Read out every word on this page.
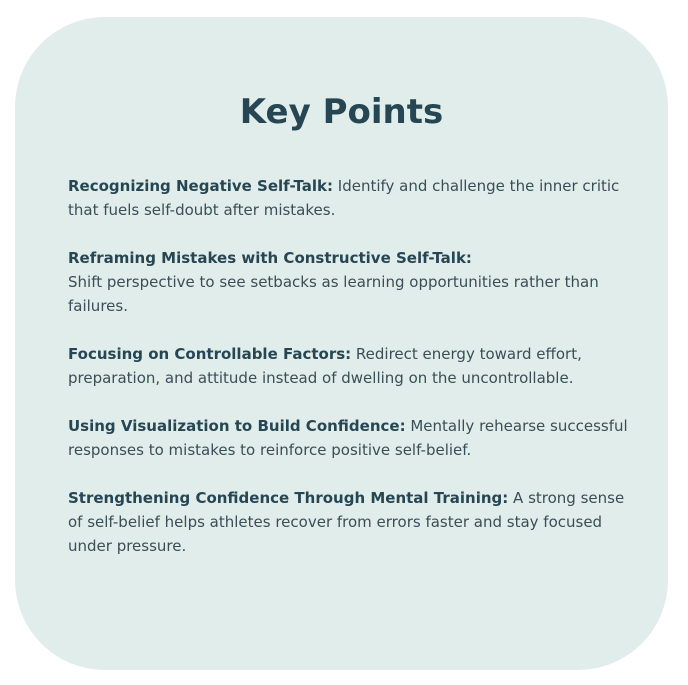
Key Points
Recognizing Negative Self-Talk: Identify and challenge the inner critic that fuels self-doubt after mistakes.
Reframing Mistakes with Constructive Self-Talk:
Shift perspective to see setbacks as learning opportunities rather than failures.
Focusing on Controllable Factors: Redirect energy toward effort, preparation, and attitude instead of dwelling on the uncontrollable.
Using Visualization to Build Confidence: Mentally rehearse successful responses to mistakes to reinforce positive self-belief.
Strengthening Confidence Through Mental Training: A strong sense of self-belief helps athletes recover from errors faster and stay focused under pressure.
